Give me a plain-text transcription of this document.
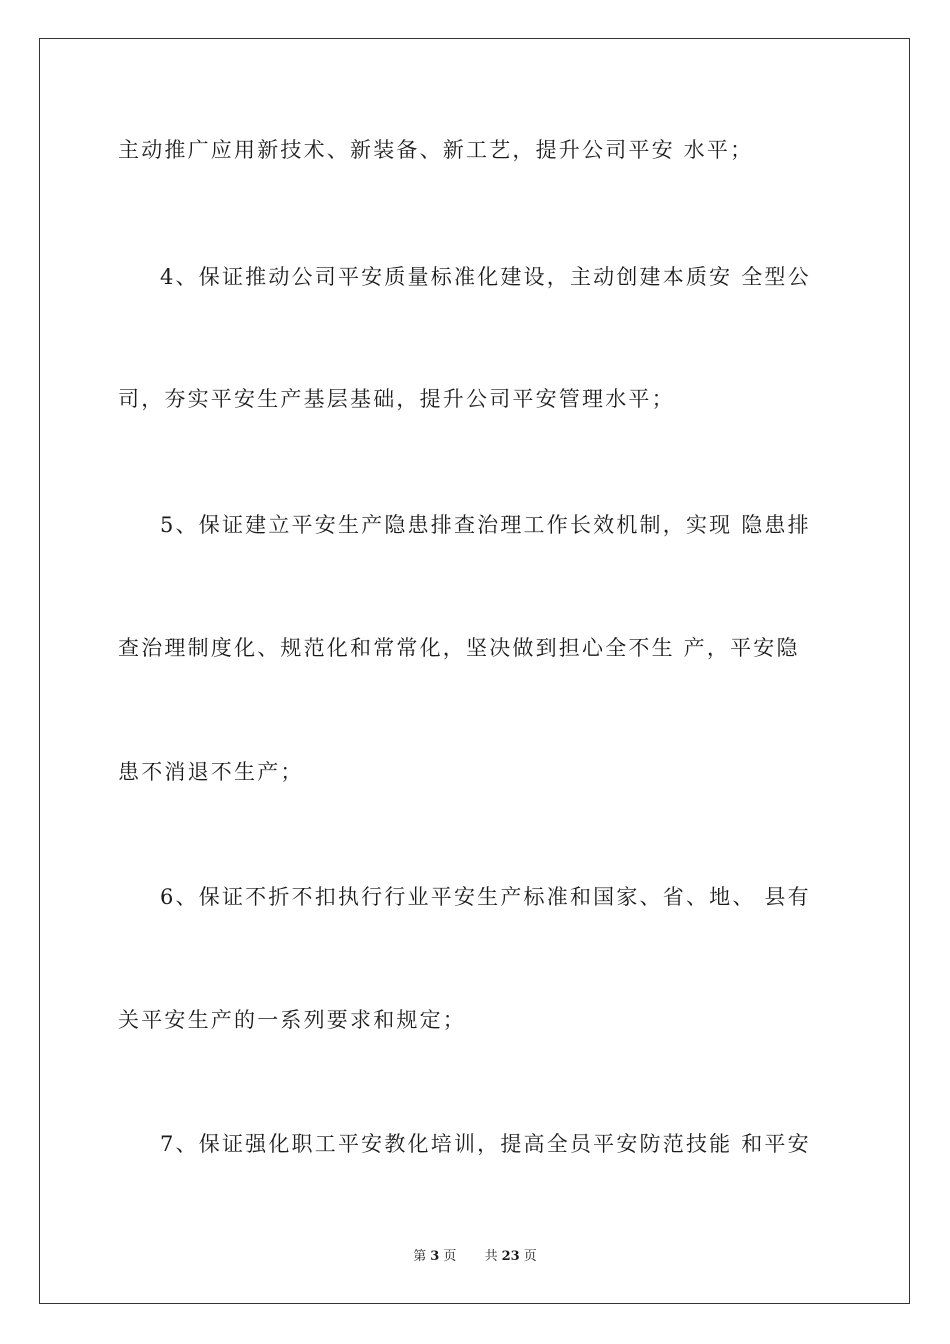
主动推广应用新技术、新装备、新工艺，提升公司平安 水平；
4、保证推动公司平安质量标准化建设，主动创建本质安 全型公
司，夯实平安生产基层基础，提升公司平安管理水平；
5、保证建立平安生产隐患排查治理工作长效机制，实现 隐患排
查治理制度化、规范化和常常化，坚决做到担心全不生 产，平安隐
患不消退不生产；
6、保证不折不扣执行行业平安生产标准和国家、省、地、 县有
关平安生产的一系列要求和规定；
7、保证强化职工平安教化培训，提高全员平安防范技能 和平安
第 3 页 共 23 页
